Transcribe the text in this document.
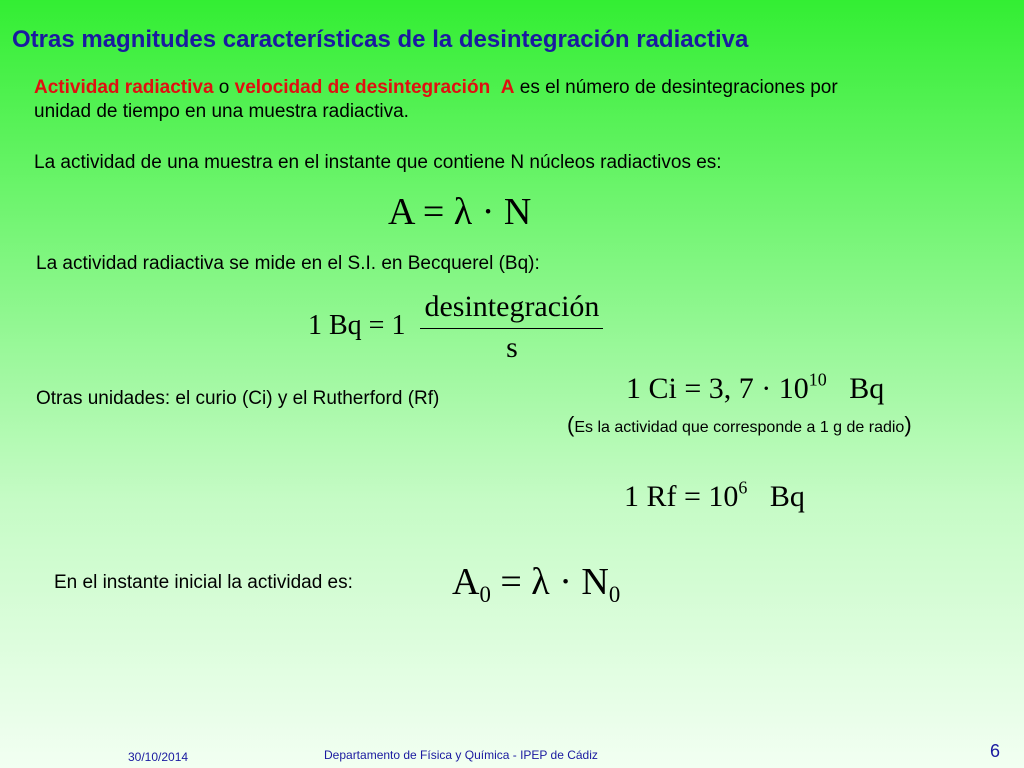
Otras magnitudes características de la desintegración radiactiva
Actividad radiactiva o velocidad de desintegración A es el número de desintegraciones por unidad de tiempo en una muestra radiactiva.
La actividad de una muestra en el instante que contiene N núcleos radiactivos es:
A = λ · N
La actividad radiactiva se mide en el S.I. en Becquerel (Bq):
1 $Bq = 1 \frac{\text{desintegración}}{s}$
Otras unidades: el curio (Ci) y el Rutherford (Rf)	1 Ci = 3, $7 \cdot 10^{10}$ Bq
(Es la actividad que corresponde a 1 g de radio)
1 $Rf = 10^6$ Bq
En el instante inicial la actividad es:	$A_0 = \lambda \cdot N_0$
30/10/2014	Departamento de Física y Química - IPEP de Cádiz	6
